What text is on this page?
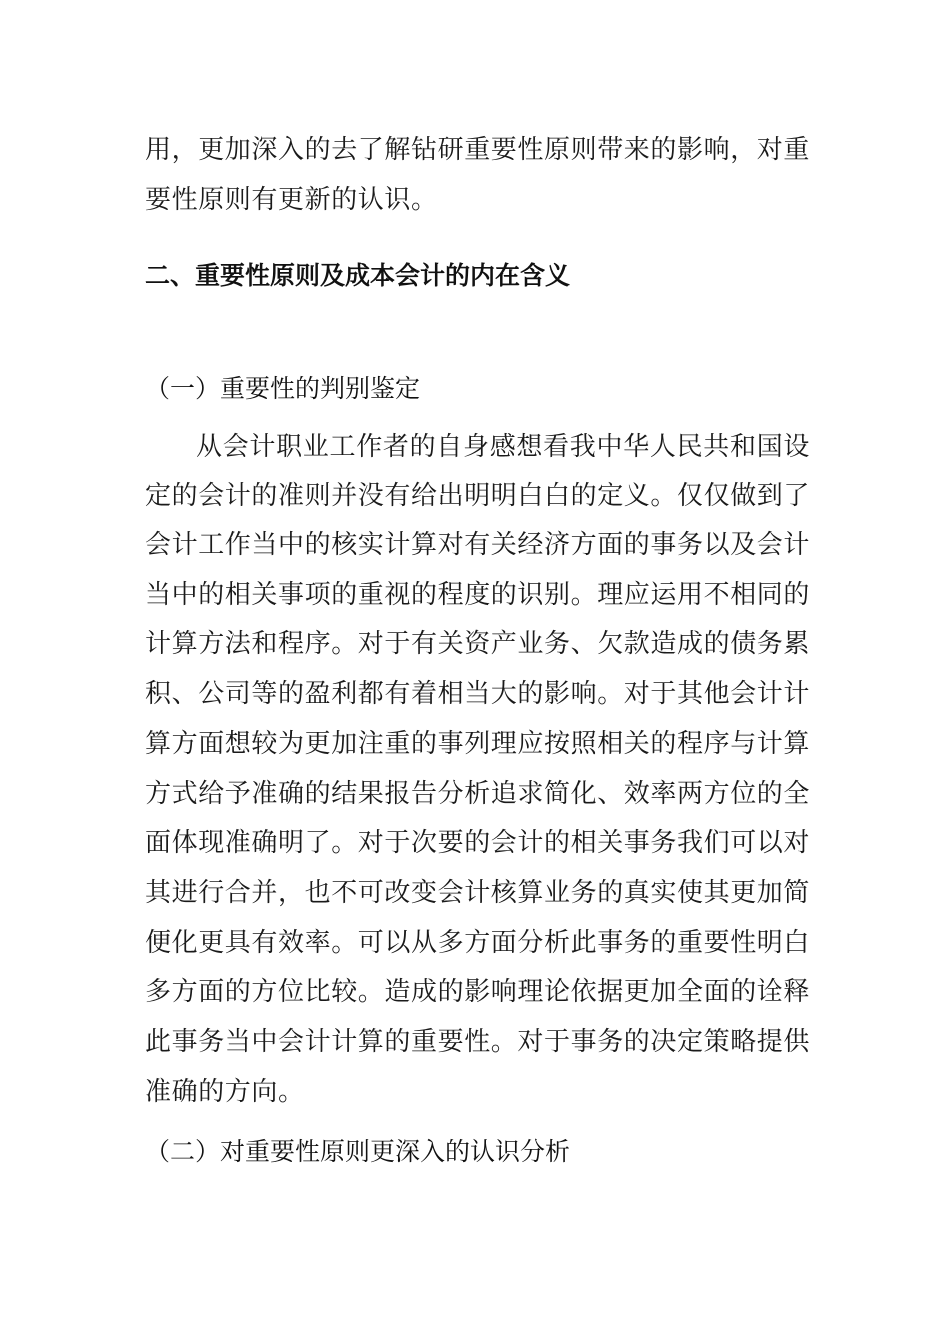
用，更加深入的去了解钻研重要性原则带来的影响，对重
要性原则有更新的认识。
二、重要性原则及成本会计的内在含义
（一）重要性的判别鉴定
从会计职业工作者的自身感想看我中华人民共和国设
定的会计的准则并没有给出明明白白的定义。仅仅做到了
会计工作当中的核实计算对有关经济方面的事务以及会计
当中的相关事项的重视的程度的识别。理应运用不相同的
计算方法和程序。对于有关资产业务、欠款造成的债务累
积、公司等的盈利都有着相当大的影响。对于其他会计计
算方面想较为更加注重的事列理应按照相关的程序与计算
方式给予准确的结果报告分析追求简化、效率两方位的全
面体现准确明了。对于次要的会计的相关事务我们可以对
其进行合并，也不可改变会计核算业务的真实使其更加简
便化更具有效率。可以从多方面分析此事务的重要性明白
多方面的方位比较。造成的影响理论依据更加全面的诠释
此事务当中会计计算的重要性。对于事务的决定策略提供
准确的方向。
（二）对重要性原则更深入的认识分析
